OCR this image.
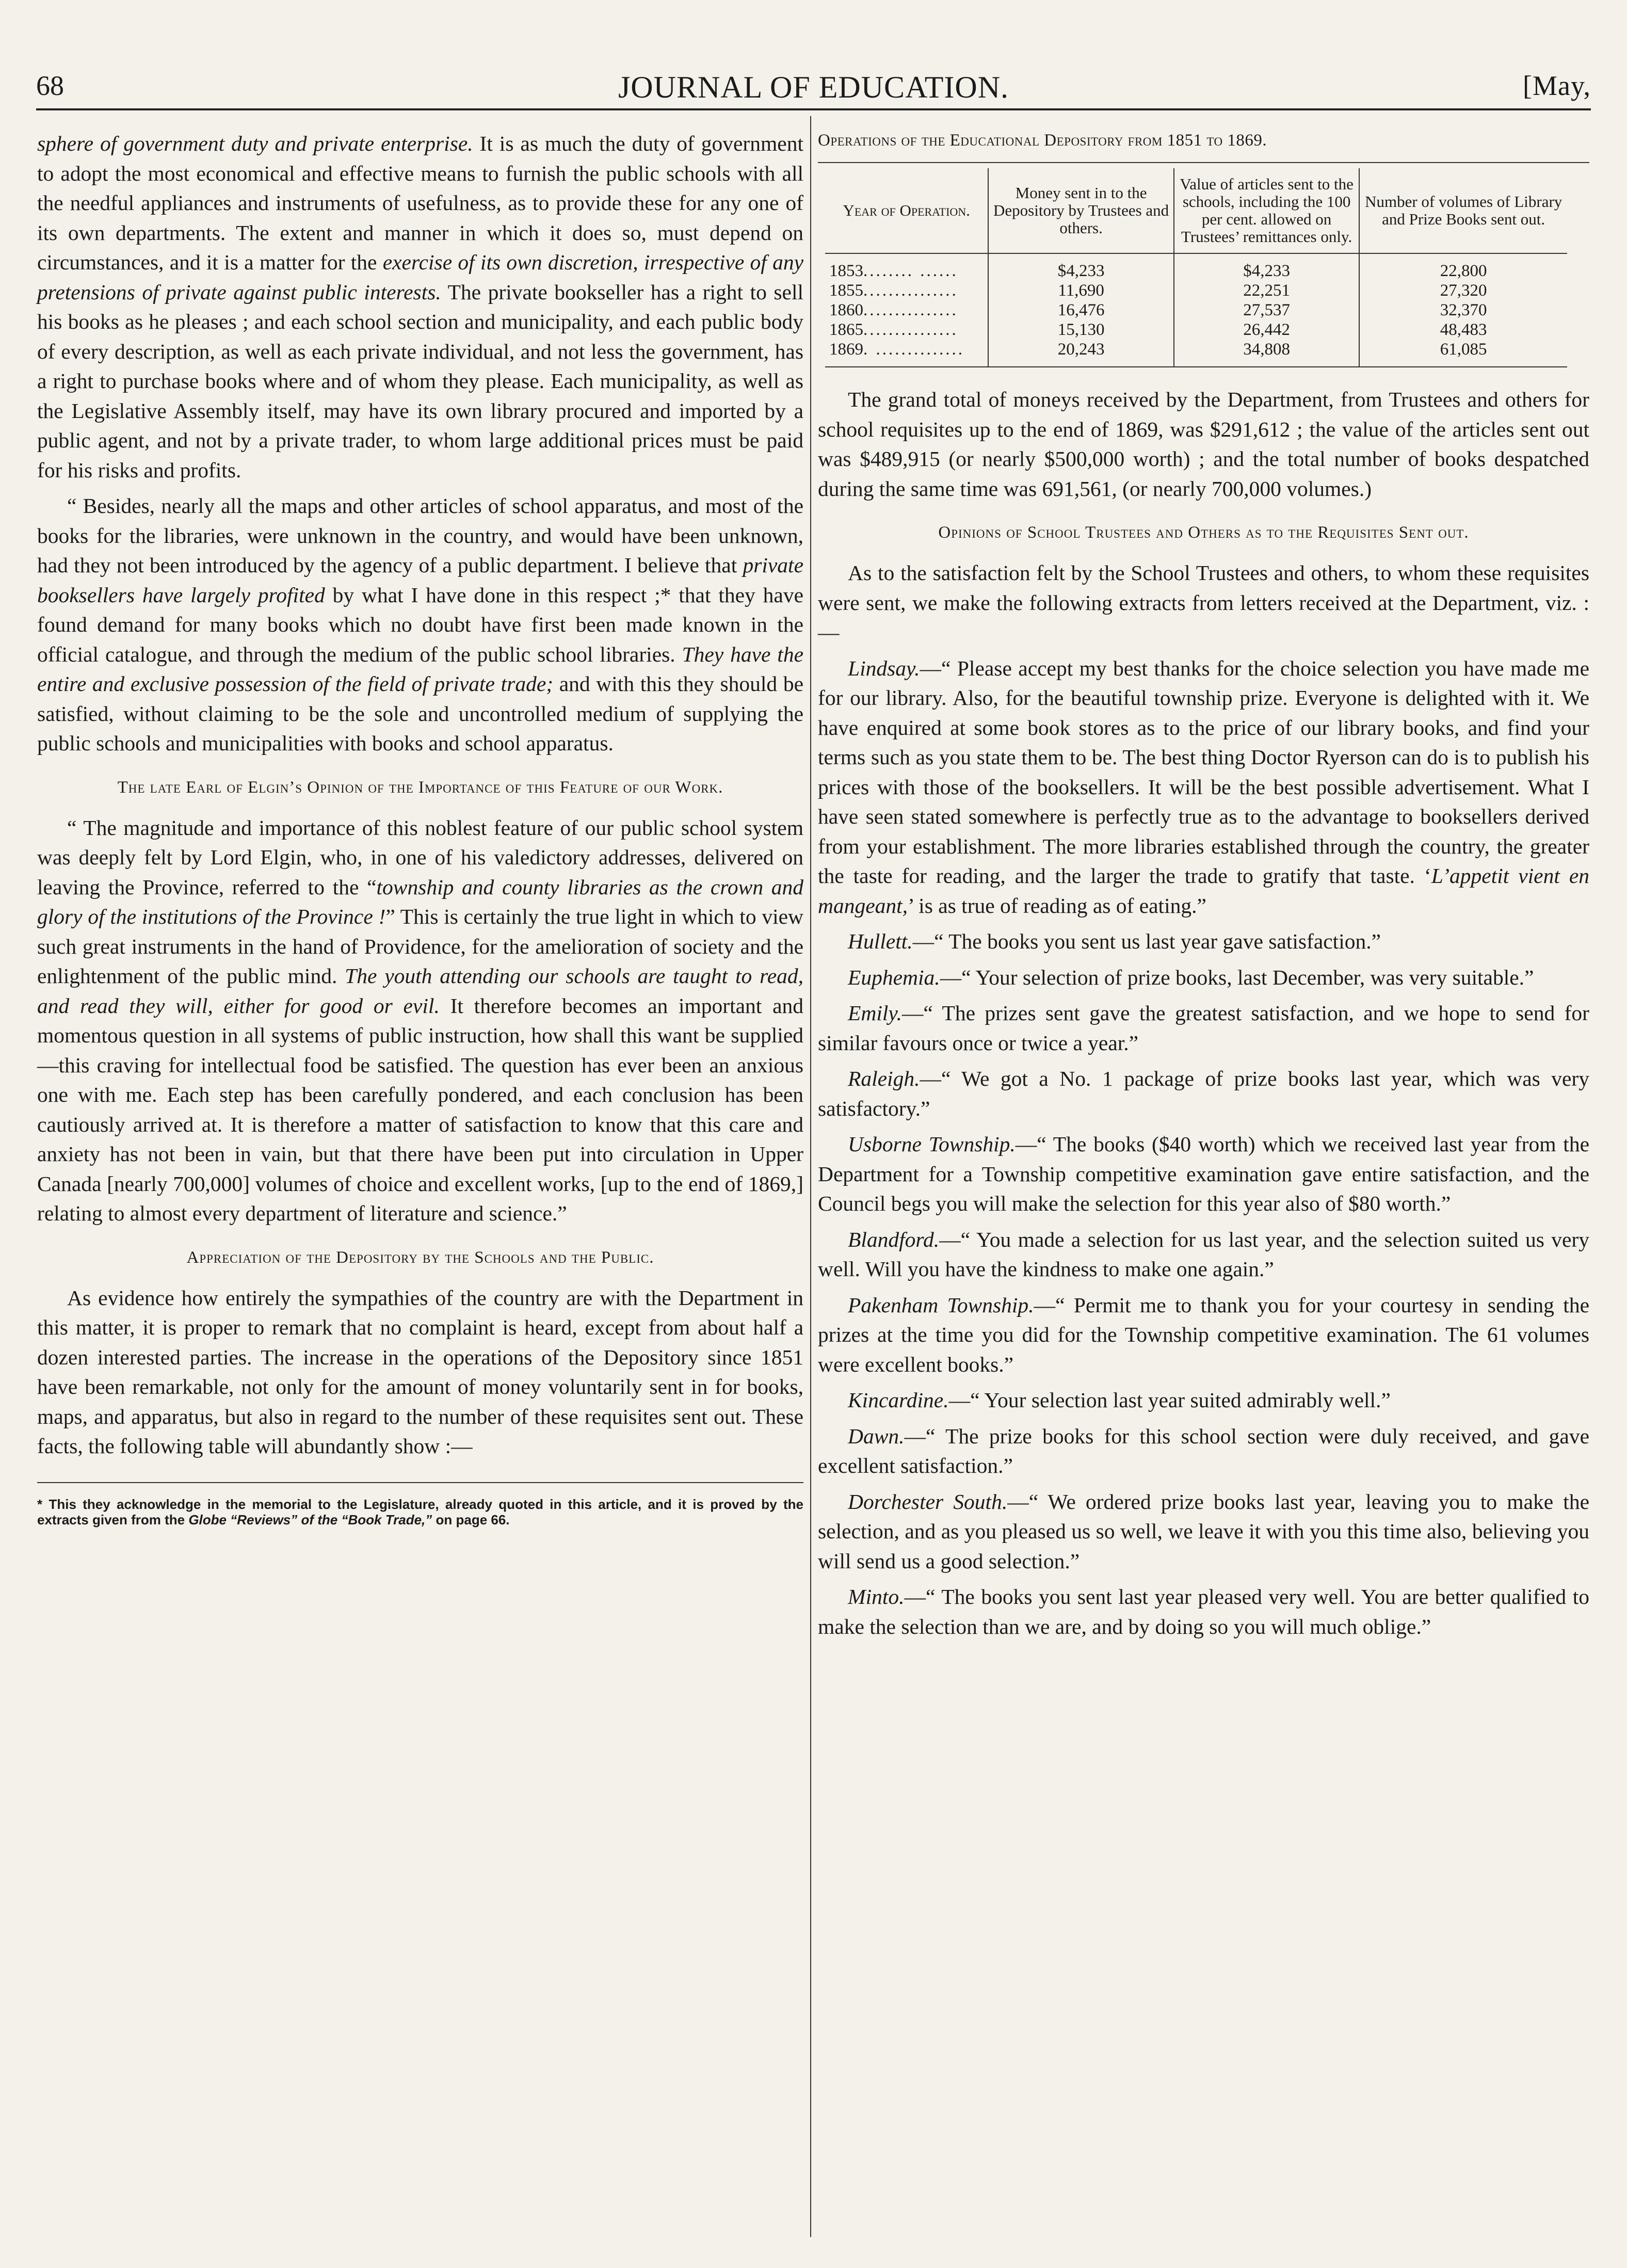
68	JOURNAL OF EDUCATION.	[May,

sphere of government duty and private enterprise. It is as much the duty of government to adopt the most economical and effective means to furnish the public schools with all the needful appliances and instruments of usefulness, as to provide these for any one of its own departments. The extent and manner in which it does so, must depend on circumstances, and it is a matter for the exercise of its own discretion, irrespective of any pretensions of private against public interests. The private bookseller has a right to sell his books as he pleases ; and each school section and municipality, and each public body of every description, as well as each private individual, and not less the government, has a right to purchase books where and of whom they please. Each municipality, as well as the Legislative Assembly itself, may have its own library procured and imported by a public agent, and not by a private trader, to whom large additional prices must be paid for his risks and profits.

“ Besides, nearly all the maps and other articles of school apparatus, and most of the books for the libraries, were unknown in the country, and would have been unknown, had they not been introduced by the agency of a public department. I believe that private booksellers have largely profited by what I have done in this respect ;* that they have found demand for many books which no doubt have first been made known in the official catalogue, and through the medium of the public school libraries. They have the entire and exclusive possession of the field of private trade; and with this they should be satisfied, without claiming to be the sole and uncontrolled medium of supplying the public schools and municipalities with books and school apparatus.

The late Earl of Elgin’s Opinion of the Importance of this Feature of our Work.

“ The magnitude and importance of this noblest feature of our public school system was deeply felt by Lord Elgin, who, in one of his valedictory addresses, delivered on leaving the Province, referred to the “township and county libraries as the crown and glory of the institutions of the Province !” This is certainly the true light in which to view such great instruments in the hand of Providence, for the amelioration of society and the enlightenment of the public mind. The youth attending our schools are taught to read, and read they will, either for good or evil. It therefore becomes an important and momentous question in all systems of public instruction, how shall this want be supplied—this craving for intellectual food be satisfied. The question has ever been an anxious one with me. Each step has been carefully pondered, and each conclusion has been cautiously arrived at. It is therefore a matter of satisfaction to know that this care and anxiety has not been in vain, but that there have been put into circulation in Upper Canada [nearly 700,000] volumes of choice and excellent works, [up to the end of 1869,] relating to almost every department of literature and science.”

Appreciation of the Depository by the Schools and the Public.

As evidence how entirely the sympathies of the country are with the Department in this matter, it is proper to remark that no complaint is heard, except from about half a dozen interested parties. The increase in the operations of the Depository since 1851 have been remarkable, not only for the amount of money voluntarily sent in for books, maps, and apparatus, but also in regard to the number of these requisites sent out. These facts, the following table will abundantly show :—

* This they acknowledge in the memorial to the Legislature, already quoted in this article, and it is proved by the extracts given from the Globe “Reviews” of the “Book Trade,” on page 66.

Operations of the Educational Depository from 1851 to 1869.
Year of Operation.	Money sent in to the Depository by Trustees and others.	Value of articles sent to the schools, including the 100 per cent. allowed on Trustees’ remittances only.	Number of volumes of Library and Prize Books sent out.
1853........ ......	$4,233	$4,233	22,800
1855...............	11,690	22,251	27,320
1860...............	16,476	27,537	32,370
1865...............	15,130	26,442	48,483
1869. ..............	20,243	34,808	61,085

The grand total of moneys received by the Department, from Trustees and others for school requisites up to the end of 1869, was $291,612 ; the value of the articles sent out was $489,915 (or nearly $500,000 worth) ; and the total number of books despatched during the same time was 691,561, (or nearly 700,000 volumes.)

Opinions of School Trustees and Others as to the Requisites Sent out.

As to the satisfaction felt by the School Trustees and others, to whom these requisites were sent, we make the following extracts from letters received at the Department, viz. :—

Lindsay.—“ Please accept my best thanks for the choice selection you have made me for our library. Also, for the beautiful township prize. Everyone is delighted with it. We have enquired at some book stores as to the price of our library books, and find your terms such as you state them to be. The best thing Doctor Ryerson can do is to publish his prices with those of the booksellers. It will be the best possible advertisement. What I have seen stated somewhere is perfectly true as to the advantage to booksellers derived from your establishment. The more libraries established through the country, the greater the taste for reading, and the larger the trade to gratify that taste. ‘L’appetit vient en mangeant,’ is as true of reading as of eating.”

Hullett.—“ The books you sent us last year gave satisfaction.”

Euphemia.—“ Your selection of prize books, last December, was very suitable.”

Emily.—“ The prizes sent gave the greatest satisfaction, and we hope to send for similar favours once or twice a year.”

Raleigh.—“ We got a No. 1 package of prize books last year, which was very satisfactory.”

Usborne Township.—“ The books ($40 worth) which we received last year from the Department for a Township competitive examination gave entire satisfaction, and the Council begs you will make the selection for this year also of $80 worth.”

Blandford.—“ You made a selection for us last year, and the selection suited us very well. Will you have the kindness to make one again.”

Pakenham Township.—“ Permit me to thank you for your courtesy in sending the prizes at the time you did for the Township competitive examination. The 61 volumes were excellent books.”

Kincardine.—“ Your selection last year suited admirably well.”

Dawn.—“ The prize books for this school section were duly received, and gave excellent satisfaction.”

Dorchester South.—“ We ordered prize books last year, leaving you to make the selection, and as you pleased us so well, we leave it with you this time also, believing you will send us a good selection.”

Minto.—“ The books you sent last year pleased very well. You are better qualified to make the selection than we are, and by doing so you will much oblige.”
